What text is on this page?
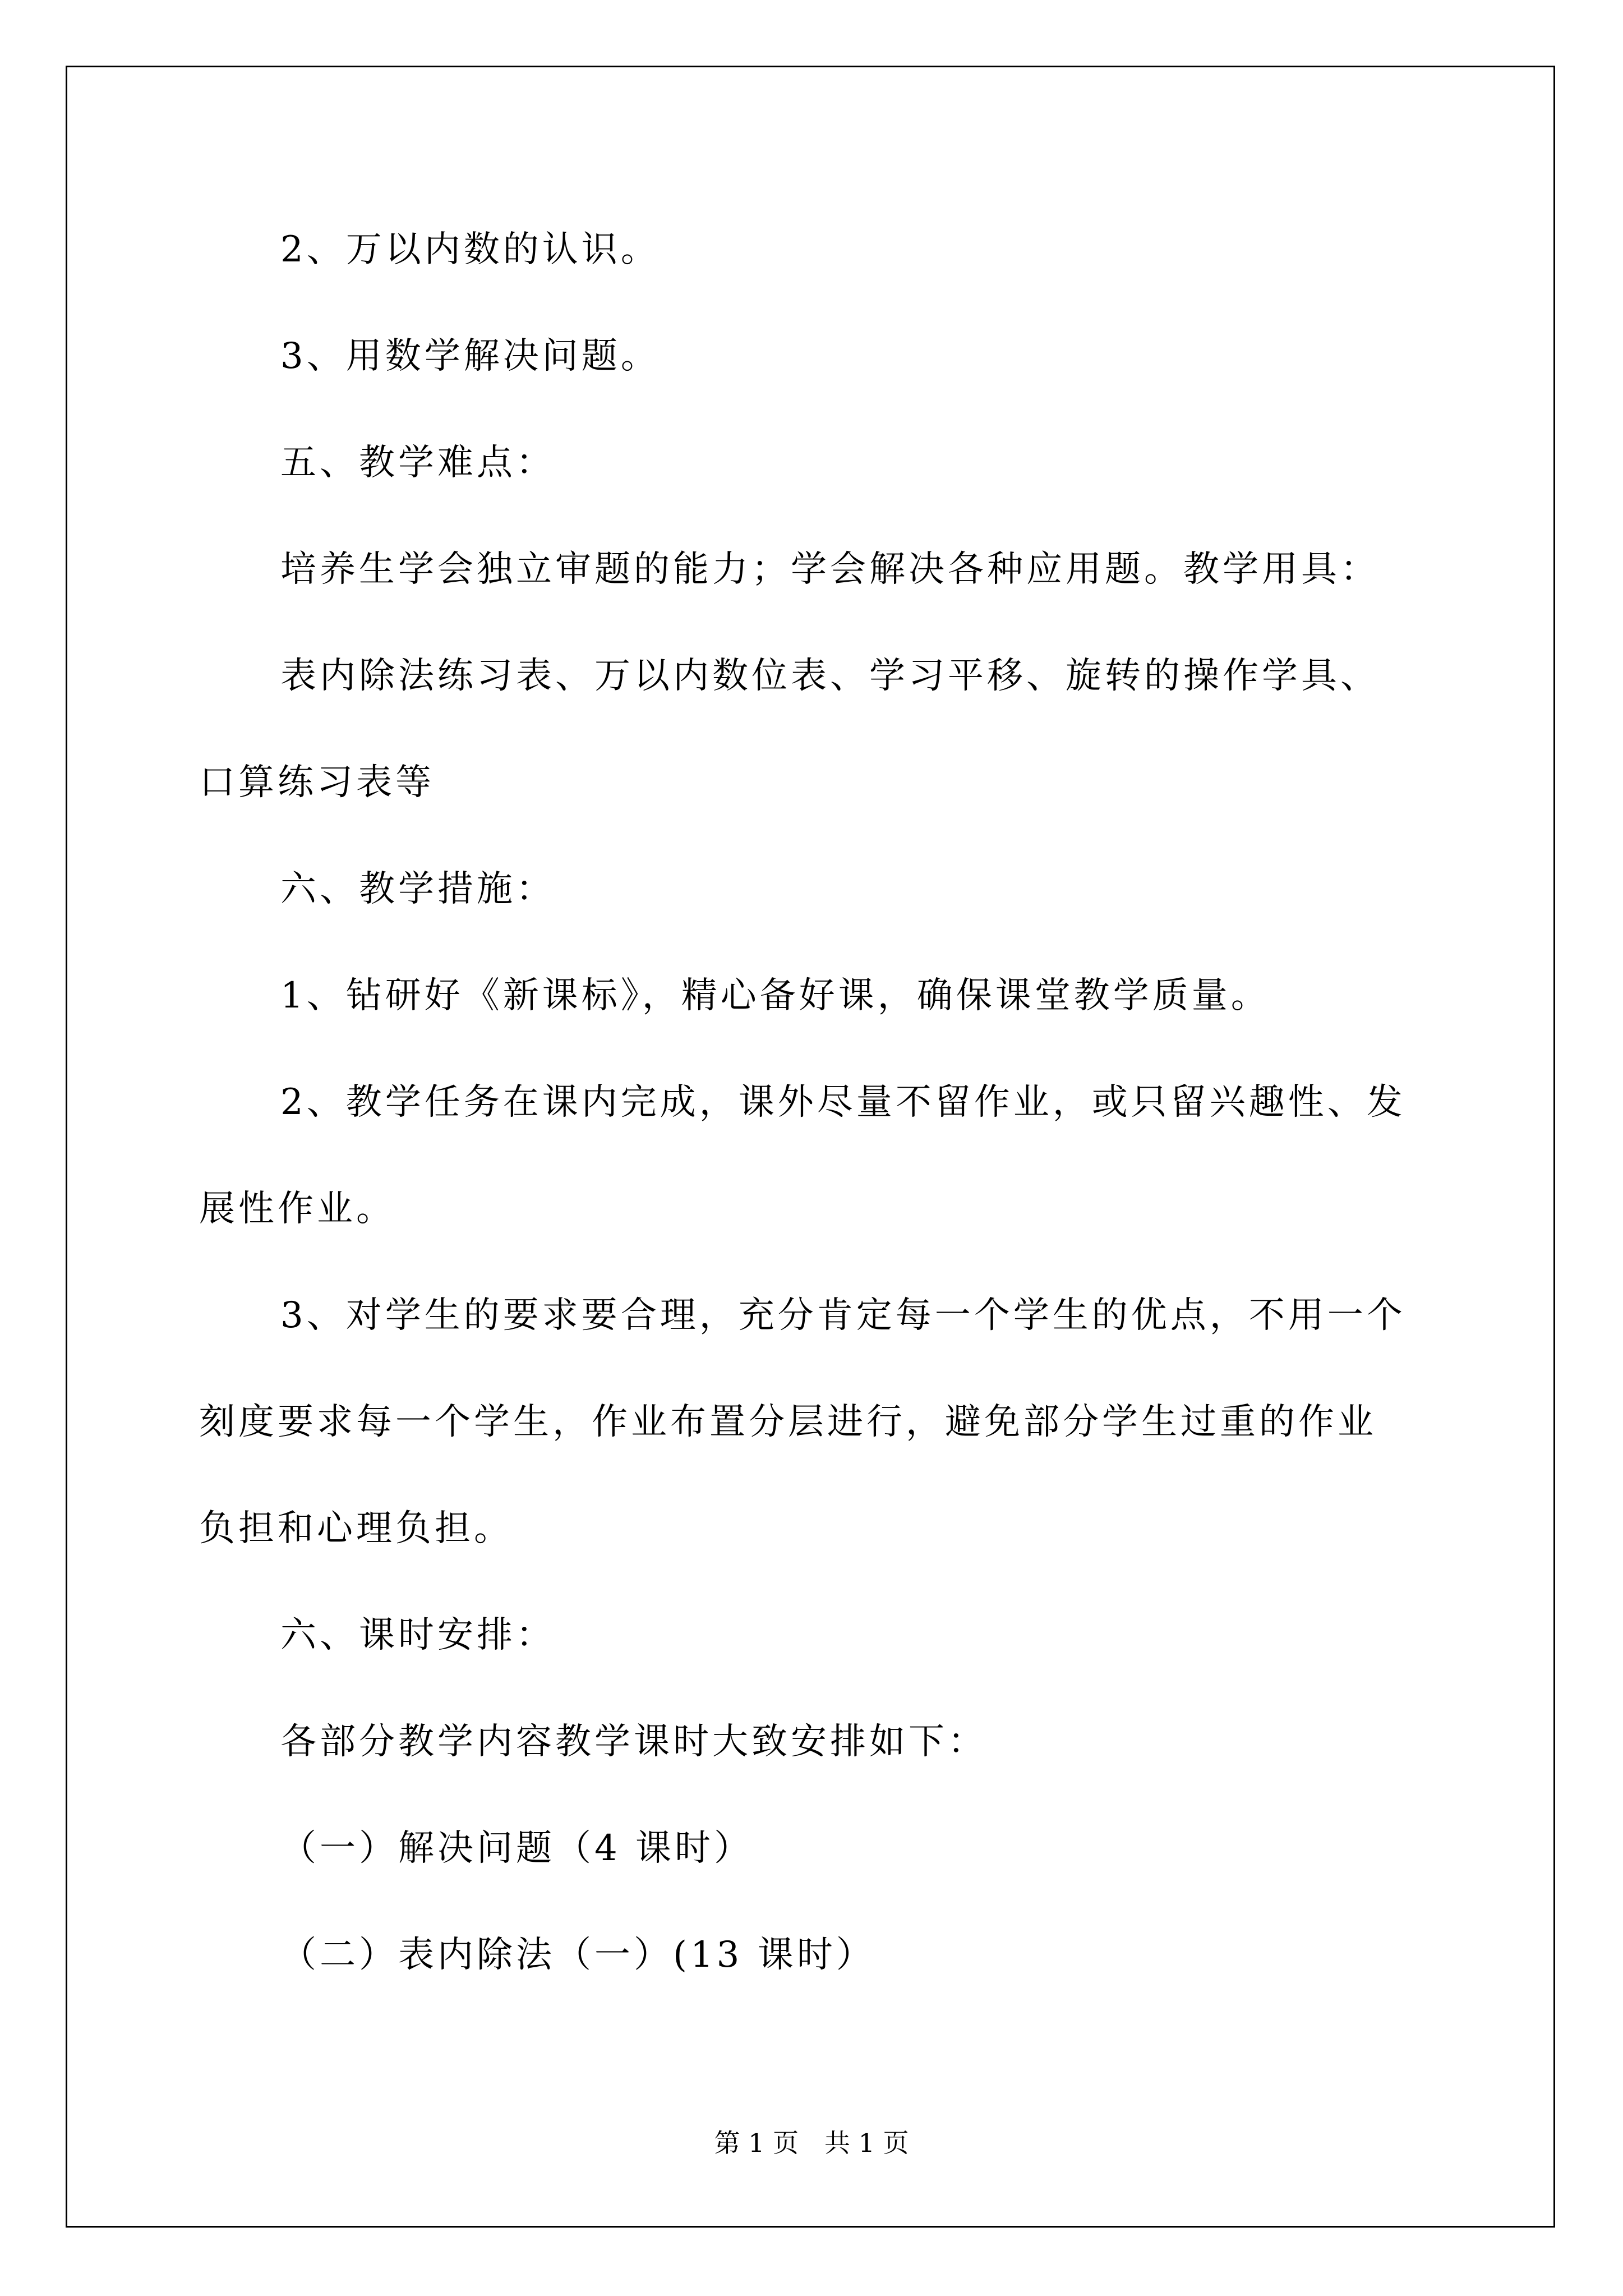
2、万以内数的认识。
3、用数学解决问题。
五、教学难点：
培养生学会独立审题的能力；学会解决各种应用题。教学用具：
表内除法练习表、万以内数位表、学习平移、旋转的操作学具、
口算练习表等
六、教学措施：
1、钻研好《新课标》，精心备好课，确保课堂教学质量。
2、教学任务在课内完成，课外尽量不留作业，或只留兴趣性、发
展性作业。
3、对学生的要求要合理，充分肯定每一个学生的优点，不用一个
刻度要求每一个学生，作业布置分层进行，避免部分学生过重的作业
负担和心理负担。
六、课时安排：
各部分教学内容教学课时大致安排如下：
（一）解决问题（4 课时）
（二）表内除法（一）(13 课时）
第 1 页　共 1 页
